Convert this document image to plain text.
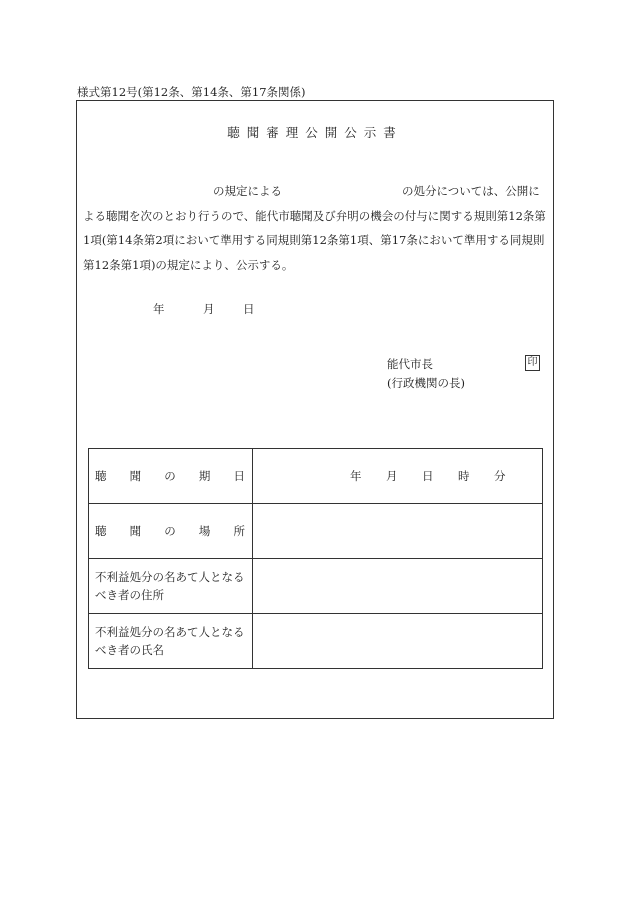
様式第12号(第12条、第14条、第17条関係)
聴聞審理公開公示書
の規定による	の処分については、公開による聴聞を次のとおり行うので、能代市聴聞及び弁明の機会の付与に関する規則第12条第1項(第14条第2項において準用する同規則第12条第1項、第17条において準用する同規則第12条第1項)の規定により、公示する。
年	月 日
能代市長
(行政機関の長)
印
聴 聞 の 期 日	年 月 日 時 分

聴 聞 の 場 所	

不利益処分の名あて人となるべき者の住所	
不利益処分の名あて人となるべき者の氏名	
